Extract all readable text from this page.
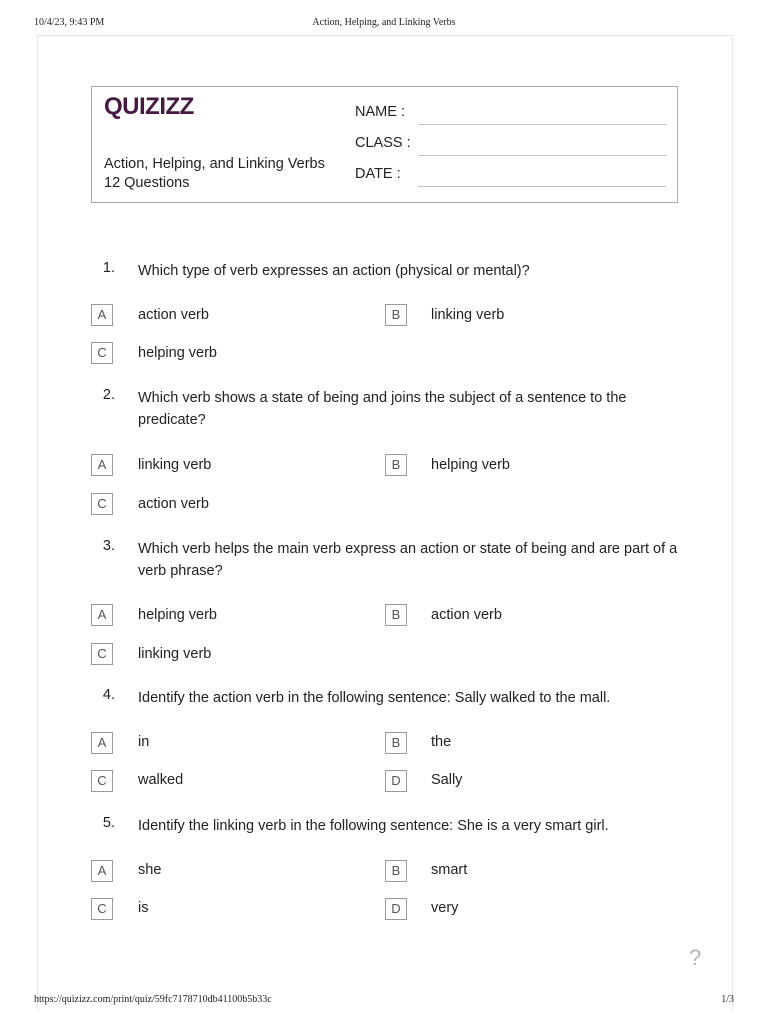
10/4/23, 9:43 PM	Action, Helping, and Linking Verbs
QUIZIZZ
Action, Helping, and Linking Verbs
12 Questions
NAME :
CLASS :
DATE :
1. Which type of verb expresses an action (physical or mental)?
A	action verb	B	linking verb
C	helping verb
2. Which verb shows a state of being and joins the subject of a sentence to the predicate?
A	linking verb	B	helping verb
C	action verb
3. Which verb helps the main verb express an action or state of being and are part of a verb phrase?
A	helping verb	B	action verb
C	linking verb
4. Identify the action verb in the following sentence: Sally walked to the mall.
A	in	B	the
C	walked	D	Sally
5. Identify the linking verb in the following sentence: She is a very smart girl.
A	she	B	smart
C	is	D	very
?
https://quizizz.com/print/quiz/59fc7178710db41100b5b33c	1/3
